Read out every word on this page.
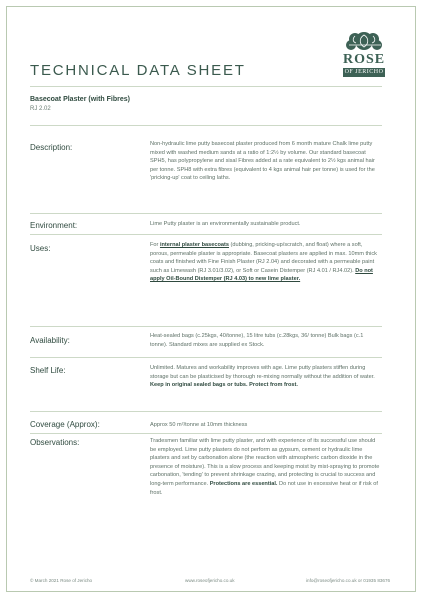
ROSE
OF JERICHO
TECHNICAL DATA SHEET
Basecoat Plaster (with Fibres)
RJ 2.02
Description:	Non-hydraulic lime putty basecoat plaster produced from 6 month mature Chalk lime putty mixed with washed medium sands at a ratio of 1:2½ by volume. Our standard basecoat SPH5, has polypropylene and sisal Fibres added at a rate equivalent to 2½ kgs animal hair per tonne. SPH8 with extra fibres (equivalent to 4 kgs animal hair per tonne) is used for the 'pricking-up' coat to ceiling laths.
Environment:	Lime Putty plaster is an environmentally sustainable product.
Uses:	For internal plaster basecoats (dubbing, pricking-up/scratch, and float) where a soft, porous, permeable plaster is appropriate. Basecoat plasters are applied in max. 10mm thick coats and finished with Fine Finish Plaster (RJ 2.04) and decorated with a permeable paint such as Limewash (RJ 3.01/3.02), or Soft or Casein Distemper (RJ 4.01 / RJ4.02). Do not apply Oil-Bound Distemper (RJ 4.03) to new lime plaster.
Availability:	Heat-sealed bags (c.25kgs, 40/tonne), 15 litre tubs (c.28kgs, 36/ tonne) Bulk bags (c.1 tonne). Standard mixes are supplied ex Stock.
Shelf Life:	Unlimited. Matures and workability improves with age. Lime putty plasters stiffen during storage but can be plasticised by thorough re-mixing normally without the addition of water. Keep in original sealed bags or tubs. Protect from frost.
Coverage (Approx):	Approx 50 m²/tonne at 10mm thickness
Observations:	Tradesmen familiar with lime putty plaster, and with experience of its successful use should be employed. Lime putty plasters do not perform as gypsum, cement or hydraulic lime plasters and set by carbonation alone (the reaction with atmospheric carbon dioxide in the presence of moisture). This is a slow process and keeping moist by mist-spraying to promote carbonation, 'tending' to prevent shrinkage crazing, and protecting is crucial to success and long-term performance. Protections are essential. Do not use in excessive heat or if risk of frost.
© March 2021 Rose of Jericho	www.roseofjericho.co.uk	info@roseofjericho.co.uk or 01935 83676
